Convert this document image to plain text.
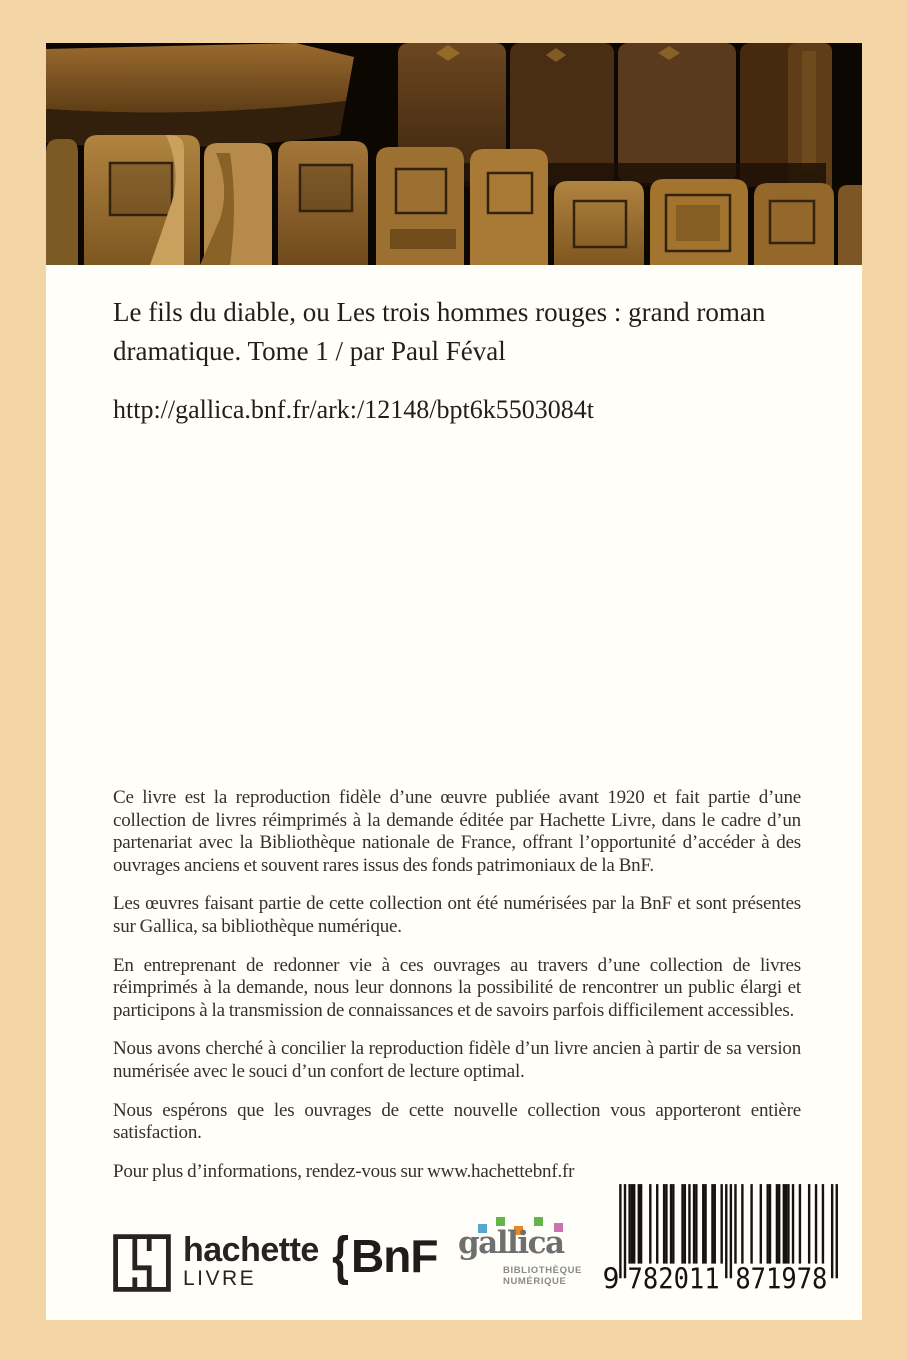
Le fils du diable, ou Les trois hommes rouges : grand roman dramatique. Tome 1 / par Paul Féval
http://gallica.bnf.fr/ark:/12148/bpt6k5503084t

Ce livre est la reproduction fidèle d’une œuvre publiée avant 1920 et fait partie d’une collection de livres réimprimés à la demande éditée par Hachette Livre, dans le cadre d’un partenariat avec la Bibliothèque nationale de France, offrant l’opportunité d’accéder à des ouvrages anciens et souvent rares issus des fonds patrimoniaux de la BnF.

Les œuvres faisant partie de cette collection ont été numérisées par la BnF et sont présentes sur Gallica, sa bibliothèque numérique.

En entreprenant de redonner vie à ces ouvrages au travers d’une collection de livres réimprimés à la demande, nous leur donnons la possibilité de rencontrer un public élargi et participons à la transmission de connaissances et de savoirs parfois difficilement accessibles.

Nous avons cherché à concilier la reproduction fidèle d’un livre ancien à partir de sa version numérisée avec le souci d’un confort de lecture optimal.

Nous espérons que les ouvrages de cette nouvelle collection vous apporteront entière satisfaction.

Pour plus d’informations, rendez-vous sur www.hachettebnf.fr

hachette
LIVRE	{ BnF gallica
BIBLIOTHÈQUE
NUMÉRIQUE	9 782011 871978
